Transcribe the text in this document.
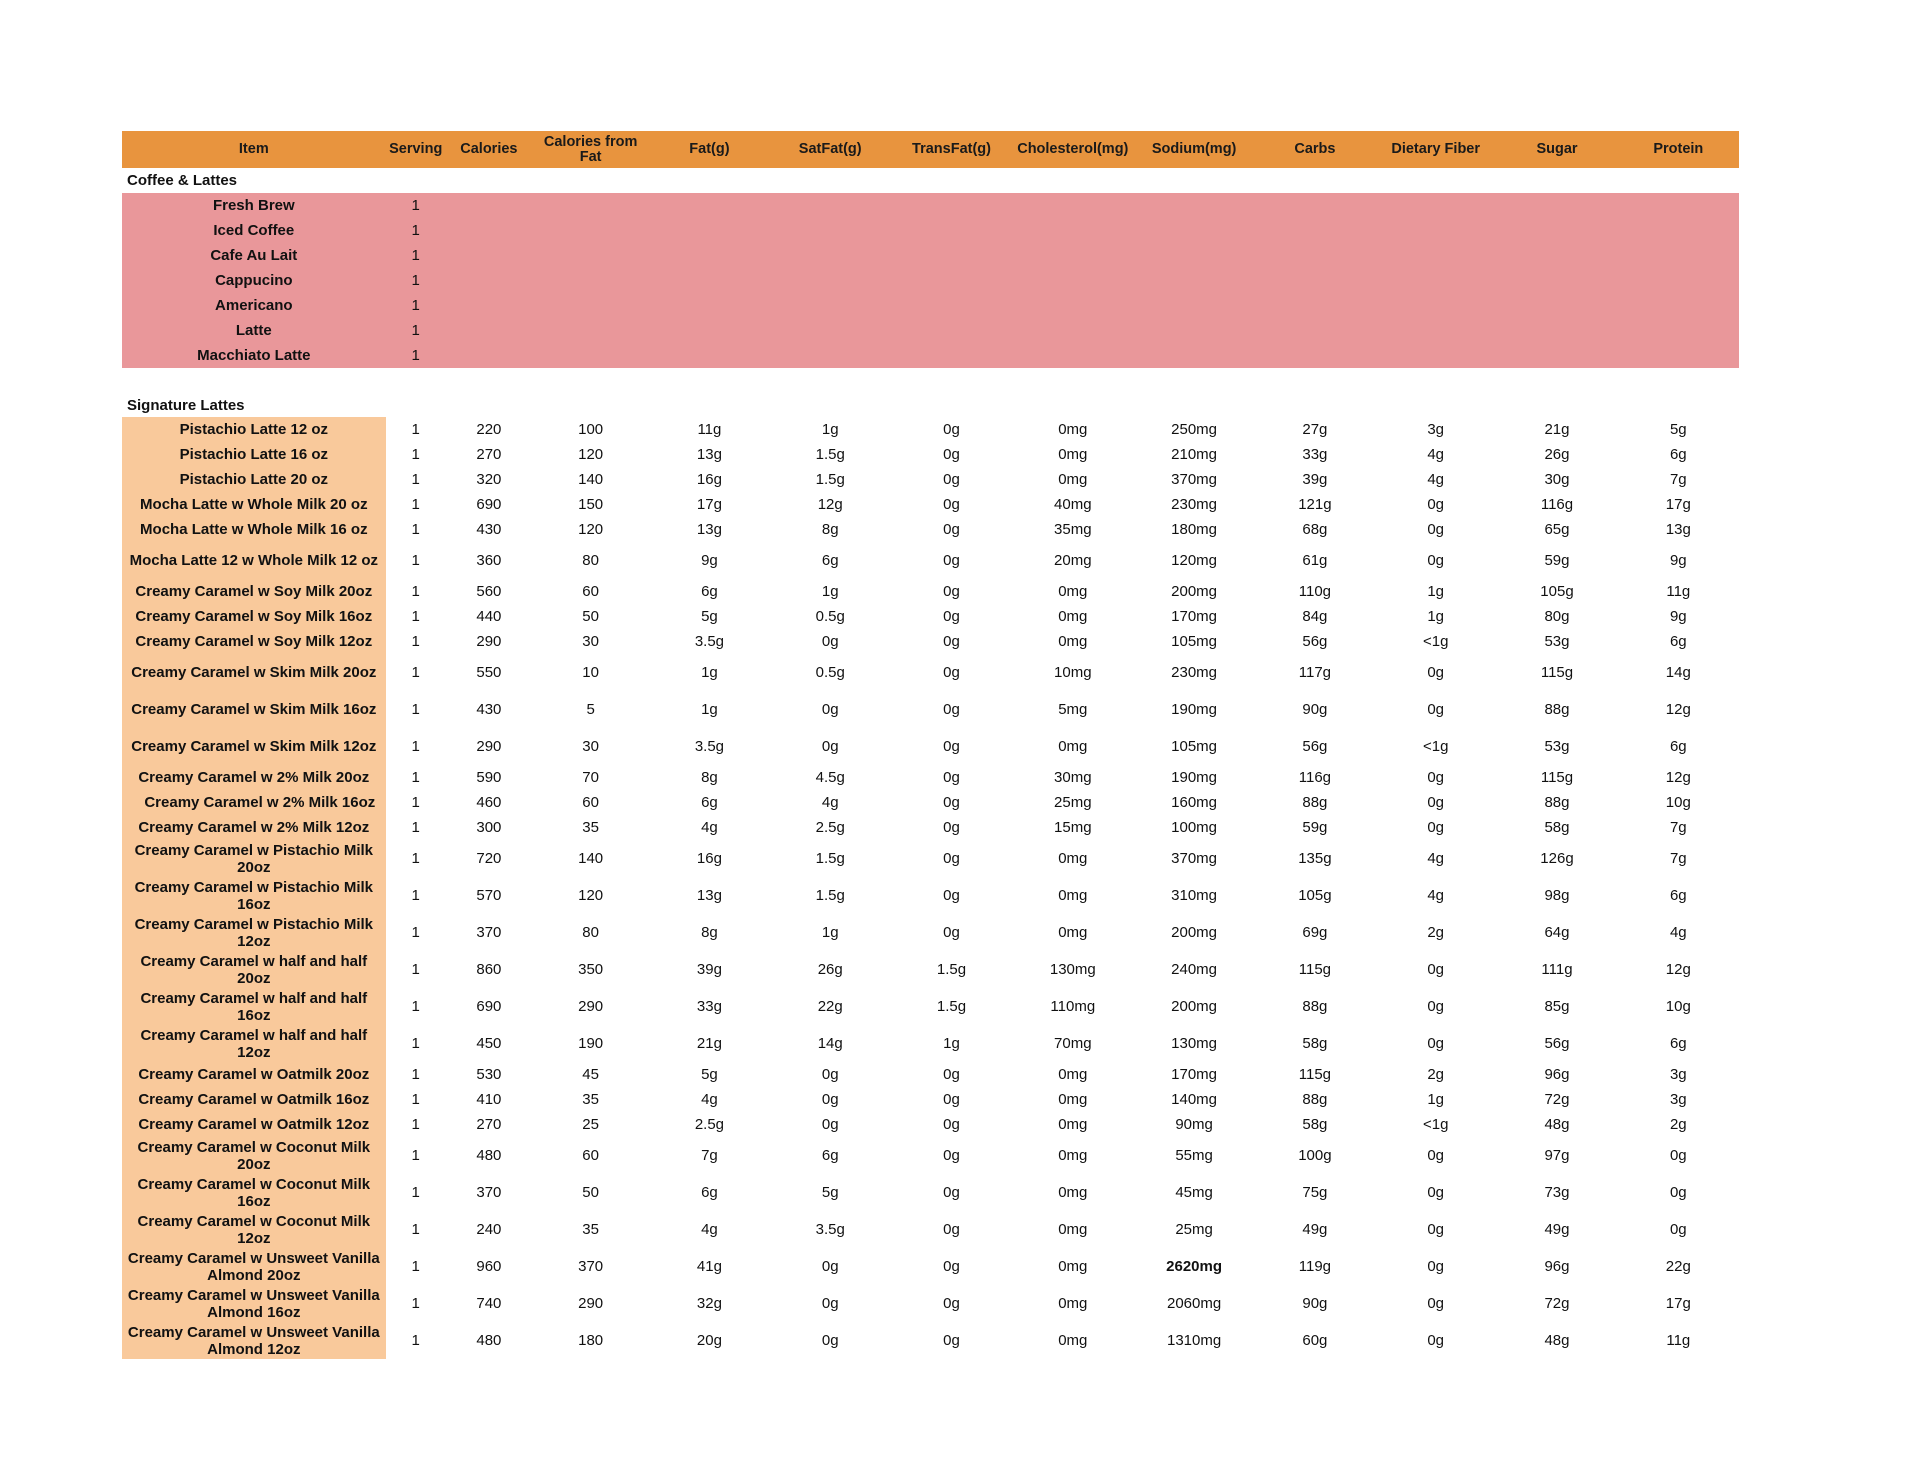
Item	Serving	Calories	Calories from Fat	Fat(g)	SatFat(g)	TransFat(g)	Cholesterol(mg)	Sodium(mg)	Carbs	Dietary Fiber	Sugar	Protein
Coffee & Lattes												
Fresh Brew	1											
Iced Coffee	1											
Cafe Au Lait	1											
Cappucino	1											
Americano	1											
Latte	1											
Macchiato Latte	1											

Signature Lattes												
Pistachio Latte 12 oz	1	220	100	11g	1g	0g	0mg	250mg	27g	3g	21g	5g
Pistachio Latte 16 oz	1	270	120	13g	1.5g	0g	0mg	210mg	33g	4g	26g	6g
Pistachio Latte 20 oz	1	320	140	16g	1.5g	0g	0mg	370mg	39g	4g	30g	7g
Mocha Latte w Whole Milk 20 oz	1	690	150	17g	12g	0g	40mg	230mg	121g	0g	116g	17g
Mocha Latte w Whole Milk 16 oz	1	430	120	13g	8g	0g	35mg	180mg	68g	0g	65g	13g
Mocha Latte 12 w Whole Milk 12 oz	1	360	80	9g	6g	0g	20mg	120mg	61g	0g	59g	9g
Creamy Caramel w Soy Milk 20oz	1	560	60	6g	1g	0g	0mg	200mg	110g	1g	105g	11g
Creamy Caramel w Soy Milk 16oz	1	440	50	5g	0.5g	0g	0mg	170mg	84g	1g	80g	9g
Creamy Caramel w Soy Milk 12oz	1	290	30	3.5g	0g	0g	0mg	105mg	56g	<1g	53g	6g
Creamy Caramel w Skim Milk 20oz	1	550	10	1g	0.5g	0g	10mg	230mg	117g	0g	115g	14g
Creamy Caramel w Skim Milk 16oz	1	430	5	1g	0g	0g	5mg	190mg	90g	0g	88g	12g
Creamy Caramel w Skim Milk 12oz	1	290	30	3.5g	0g	0g	0mg	105mg	56g	<1g	53g	6g
Creamy Caramel w 2% Milk 20oz	1	590	70	8g	4.5g	0g	30mg	190mg	116g	0g	115g	12g
Creamy Caramel w 2% Milk 16oz	1	460	60	6g	4g	0g	25mg	160mg	88g	0g	88g	10g
Creamy Caramel w 2% Milk 12oz	1	300	35	4g	2.5g	0g	15mg	100mg	59g	0g	58g	7g
Creamy Caramel w Pistachio Milk 20oz	1	720	140	16g	1.5g	0g	0mg	370mg	135g	4g	126g	7g
Creamy Caramel w Pistachio Milk 16oz	1	570	120	13g	1.5g	0g	0mg	310mg	105g	4g	98g	6g
Creamy Caramel w Pistachio Milk 12oz	1	370	80	8g	1g	0g	0mg	200mg	69g	2g	64g	4g
Creamy Caramel w half and half 20oz	1	860	350	39g	26g	1.5g	130mg	240mg	115g	0g	111g	12g
Creamy Caramel w half and half 16oz	1	690	290	33g	22g	1.5g	110mg	200mg	88g	0g	85g	10g
Creamy Caramel w half and half 12oz	1	450	190	21g	14g	1g	70mg	130mg	58g	0g	56g	6g
Creamy Caramel w Oatmilk 20oz	1	530	45	5g	0g	0g	0mg	170mg	115g	2g	96g	3g
Creamy Caramel w Oatmilk 16oz	1	410	35	4g	0g	0g	0mg	140mg	88g	1g	72g	3g
Creamy Caramel w Oatmilk 12oz	1	270	25	2.5g	0g	0g	0mg	90mg	58g	<1g	48g	2g
Creamy Caramel w Coconut Milk 20oz	1	480	60	7g	6g	0g	0mg	55mg	100g	0g	97g	0g
Creamy Caramel w Coconut Milk 16oz	1	370	50	6g	5g	0g	0mg	45mg	75g	0g	73g	0g
Creamy Caramel w Coconut Milk 12oz	1	240	35	4g	3.5g	0g	0mg	25mg	49g	0g	49g	0g
Creamy Caramel w Unsweet Vanilla Almond 20oz	1	960	370	41g	0g	0g	0mg	2620mg	119g	0g	96g	22g
Creamy Caramel w Unsweet Vanilla Almond 16oz	1	740	290	32g	0g	0g	0mg	2060mg	90g	0g	72g	17g
Creamy Caramel w Unsweet Vanilla Almond 12oz	1	480	180	20g	0g	0g	0mg	1310mg	60g	0g	48g	11g
